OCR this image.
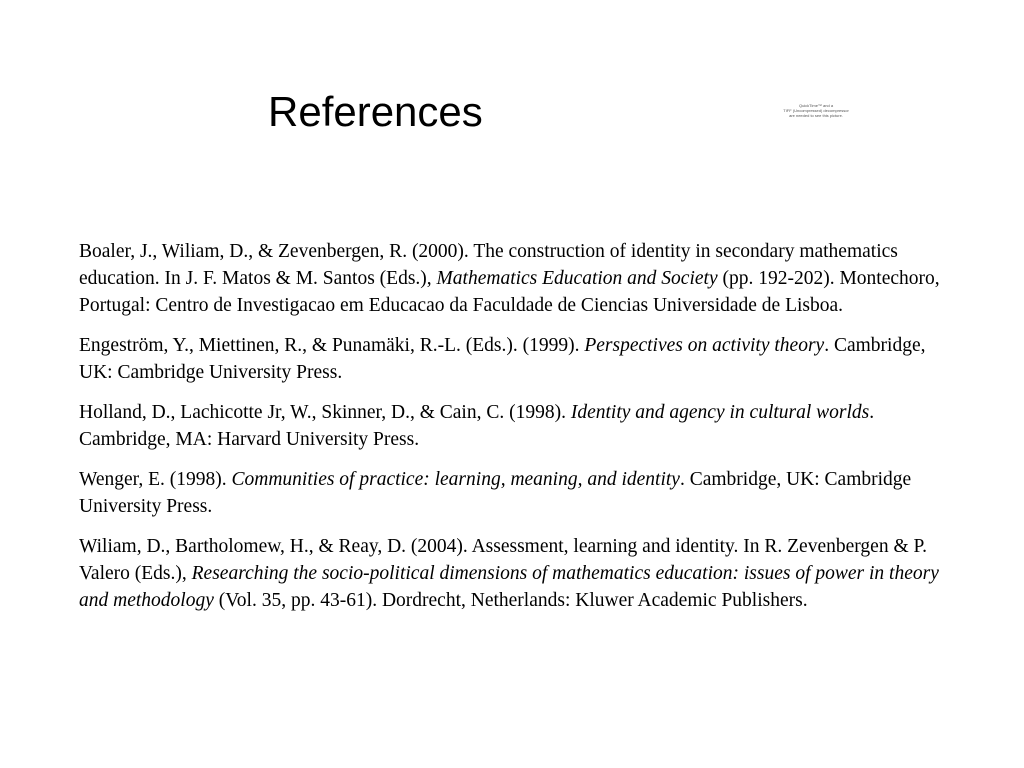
References	QuickTime™ and a
TIFF (Uncompressed) decompressor
are needed to see this picture.

Boaler, J., Wiliam, D., & Zevenbergen, R. (2000). The construction of identity in secondary mathematics education. In J. F. Matos & M. Santos (Eds.), Mathematics Education and Society (pp. 192-202). Montechoro, Portugal: Centro de Investigacao em Educacao da Faculdade de Ciencias Universidade de Lisboa.

Engeström, Y., Miettinen, R., & Punamäki, R.-L. (Eds.). (1999). Perspectives on activity theory. Cambridge, UK: Cambridge University Press.

Holland, D., Lachicotte Jr, W., Skinner, D., & Cain, C. (1998). Identity and agency in cultural worlds. Cambridge, MA: Harvard University Press.

Wenger, E. (1998). Communities of practice: learning, meaning, and identity. Cambridge, UK: Cambridge University Press.

Wiliam, D., Bartholomew, H., & Reay, D. (2004). Assessment, learning and identity. In R. Zevenbergen & P. Valero (Eds.), Researching the socio-political dimensions of mathematics education: issues of power in theory and methodology (Vol. 35, pp. 43-61). Dordrecht, Netherlands: Kluwer Academic Publishers.
